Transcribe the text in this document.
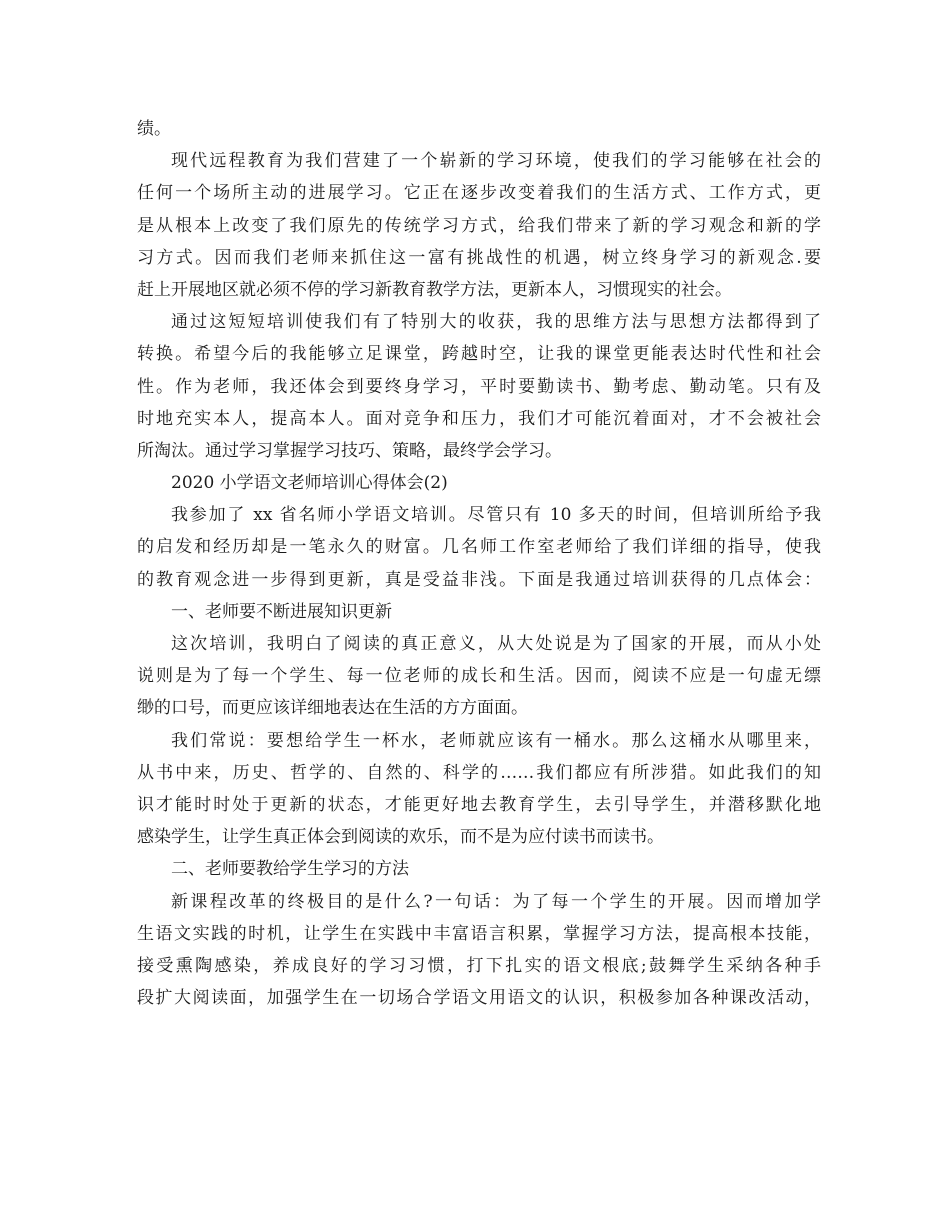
绩。
现代远程教育为我们营建了一个崭新的学习环境，使我们的学习能够在社会的
任何一个场所主动的进展学习。它正在逐步改变着我们的生活方式、工作方式，更
是从根本上改变了我们原先的传统学习方式，给我们带来了新的学习观念和新的学
习方式。因而我们老师来抓住这一富有挑战性的机遇，树立终身学习的新观念.要
赶上开展地区就必须不停的学习新教育教学方法，更新本人，习惯现实的社会。
通过这短短培训使我们有了特别大的收获，我的思维方法与思想方法都得到了
转换。希望今后的我能够立足课堂，跨越时空，让我的课堂更能表达时代性和社会
性。作为老师，我还体会到要终身学习，平时要勤读书、勤考虑、勤动笔。只有及
时地充实本人，提高本人。面对竞争和压力，我们才可能沉着面对，才不会被社会
所淘汰。通过学习掌握学习技巧、策略，最终学会学习。
2020 小学语文老师培训心得体会(2)
我参加了 xx 省名师小学语文培训。尽管只有 10 多天的时间，但培训所给予我
的启发和经历却是一笔永久的财富。几名师工作室老师给了我们详细的指导，使我
的教育观念进一步得到更新，真是受益非浅。下面是我通过培训获得的几点体会：
一、老师要不断进展知识更新
这次培训，我明白了阅读的真正意义，从大处说是为了国家的开展，而从小处
说则是为了每一个学生、每一位老师的成长和生活。因而，阅读不应是一句虚无缥
缈的口号，而更应该详细地表达在生活的方方面面。
我们常说：要想给学生一杯水，老师就应该有一桶水。那么这桶水从哪里来，
从书中来，历史、哲学的、自然的、科学的……我们都应有所涉猎。如此我们的知
识才能时时处于更新的状态，才能更好地去教育学生，去引导学生，并潜移默化地
感染学生，让学生真正体会到阅读的欢乐，而不是为应付读书而读书。
二、老师要教给学生学习的方法
新课程改革的终极目的是什么?一句话：为了每一个学生的开展。因而增加学
生语文实践的时机，让学生在实践中丰富语言积累，掌握学习方法，提高根本技能，
接受熏陶感染，养成良好的学习习惯，打下扎实的语文根底;鼓舞学生采纳各种手
段扩大阅读面，加强学生在一切场合学语文用语文的认识，积极参加各种课改活动，
